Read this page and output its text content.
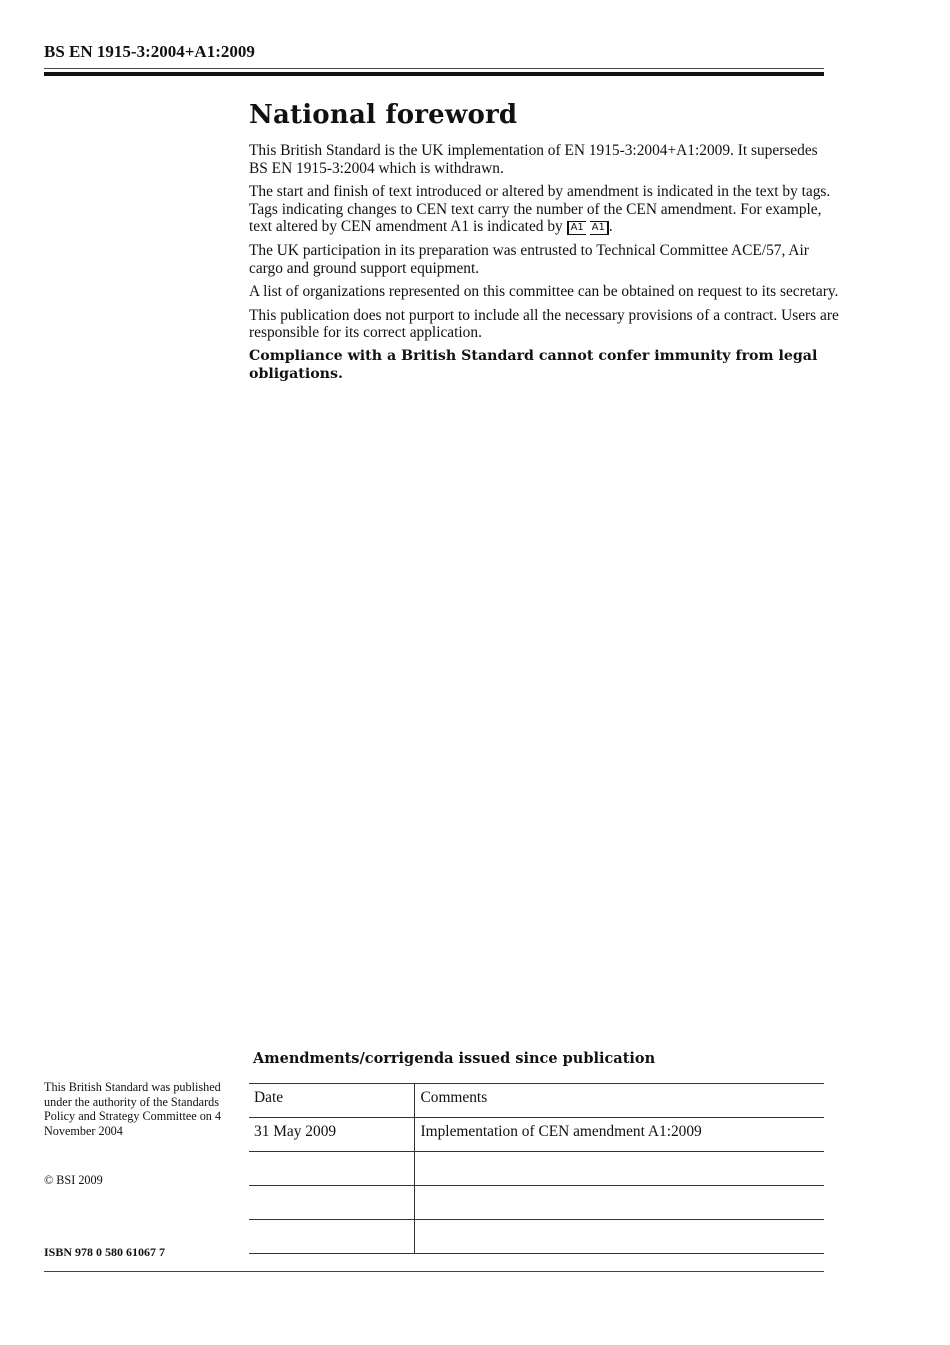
BS EN 1915-3:2004+A1:2009
National foreword

This British Standard is the UK implementation of EN 1915-3:2004+A1:2009. It supersedes BS EN 1915-3:2004 which is withdrawn.

The start and finish of text introduced or altered by amendment is indicated in the text by tags. Tags indicating changes to CEN text carry the number of the CEN amendment. For example, text altered by CEN amendment A1 is indicated by A1 A1 .

The UK participation in its preparation was entrusted to Technical Committee ACE/57, Air cargo and ground support equipment.

A list of organizations represented on this committee can be obtained on request to its secretary.

This publication does not purport to include all the necessary provisions of a contract. Users are responsible for its correct application.

Compliance with a British Standard cannot confer immunity from legal obligations.

Amendments/corrigenda issued since publication
Date	Comments
31 May 2009	Implementation of CEN amendment A1:2009

This British Standard was published under the authority of the Standards Policy and Strategy Committee on 4 November 2004
© BSI 2009
ISBN 978 0 580 61067 7
